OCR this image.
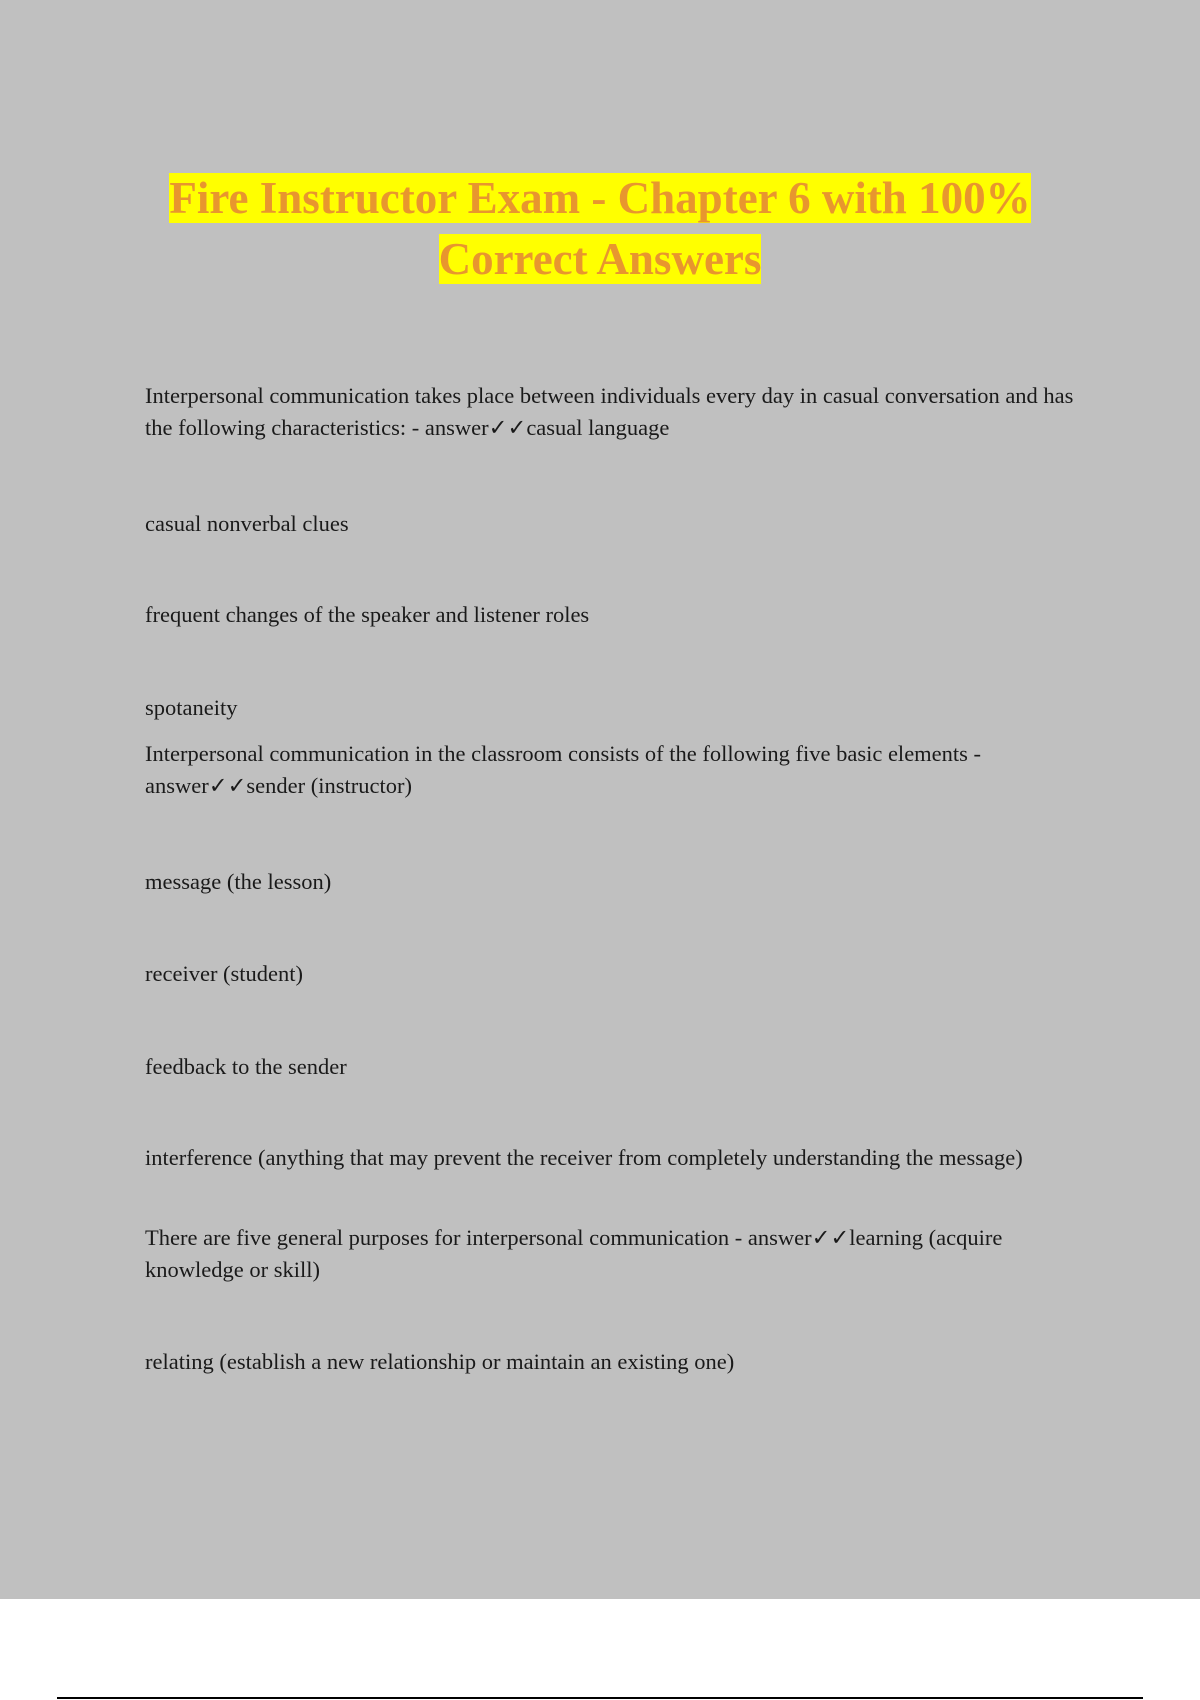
Fire Instructor Exam - Chapter 6 with 100%
Correct Answers

Interpersonal communication takes place between individuals every day in casual conversation and has the following characteristics: - answer✓✓casual language

casual nonverbal clues

frequent changes of the speaker and listener roles

spotaneity

Interpersonal communication in the classroom consists of the following five basic elements - answer✓✓sender (instructor)

message (the lesson)

receiver (student)

feedback to the sender

interference (anything that may prevent the receiver from completely understanding the message)

There are five general purposes for interpersonal communication - answer✓✓learning (acquire knowledge or skill)

relating (establish a new relationship or maintain an existing one)
